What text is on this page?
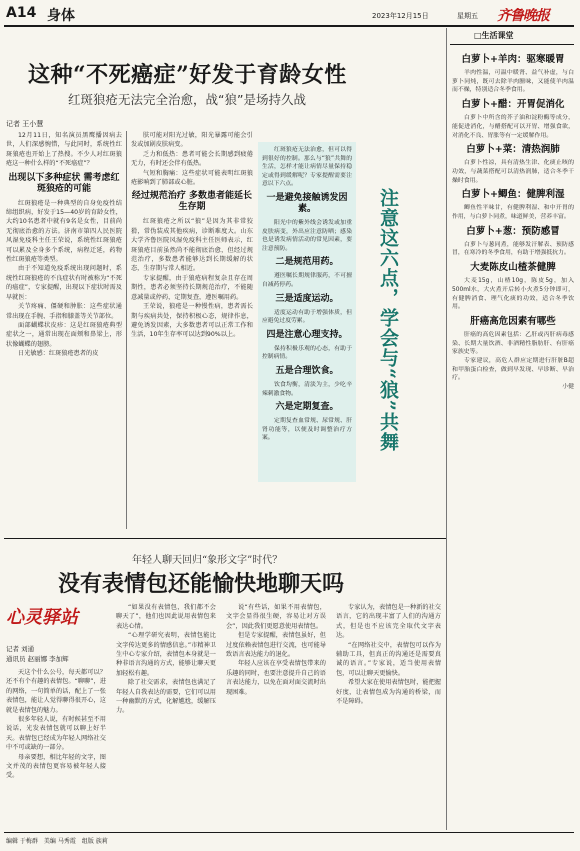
A14 身体	2023年12月15日	星期五 齐鲁晚报
这种“不死癌症”好发于育龄女性
红斑狼疮无法完全治愈，战“狼”是场持久战
记者 王小慧

12月11日，知名演员黑鹰播因病去世，人们深感惋惜，与此同时，系统性红斑狼疮也开始上了热搜。不少人对红斑狼疮这一种什么样的“不死癌症”？

出现以下多种症状 需考虑红斑狼疮的可能

红斑狼疮是一种典型的自身免疫性结缔组织病，好发于15—40岁的育龄女性，大约10名患者中就有9名是女性，目前尚无彻底治愈的方法。济南市第四人民医院风湿免疫科主任王荣说，系统性红斑狼疮可以累及全身多个系统，病程迁延，药物性红斑狼疮等类型。

由于不知道免疫系统出现问题时，系统性红斑狼疮的不良症状有时被称为“不死的癌症”，专家提醒，出现以下症状时需及早就医：

关节疼痛、僵硬和肿胀：这些症状通常出现在手腕、手指和膝盖等关节部位。

面部蝴蝶状皮疹：这是红斑狼疮典型症状之一，通常出现在面颊和鼻梁上，形状像蝴蝶的翅膀。

日光敏感：红斑狼疮患者的皮

肤可能对阳光过敏，阳光暴露可能会引发或加剧皮肤病变。

乏力和低热：患者可能会长期感到疲倦无力，有时还会伴有低热。

气短和胸痛：这些症状可能表明红斑狼疮影响到了肺部或心脏。

经过规范治疗 多数患者能延长生存期

红斑狼疮之所以“狼”是因为其非常狡猾，常伪装成其他疾病，诊断难度大。山东大学齐鲁医院风湿免疫科主任医师表示，红斑狼疮目前虽然尚不能彻底治愈，但经过规范治疗，多数患者能够达到长期缓解的状态，生存期与常人相近。

专家提醒，由于狼疮病程复杂且存在周期性，患者必须坚持长期规范治疗，不能随意减量或停药，定期复查，遵医嘱用药。

王荣说，狼疮是一种慢性病，患者需长期与疾病共处，保持积极心态，规律作息，避免诱发因素，大多数患者可以正常工作和生活，10年生存率可以达到90%以上。

红斑狼疮无法治愈，但可以得到很好的控制。那么与“狼”共舞的生活，怎样才能让病情尽量保持稳定或得到缓解呢？专家提醒需要注意以下六点。

一是避免接触诱发因素。

阳光中的紫外线会诱发或加重皮肤病变，外出应注意防晒；感染也是诱发病情活动的常见因素，要注意预防。

二是规范用药。

遵医嘱长期规律服药，不可擅自减药停药。

三是适度运动。

适度运动有助于增强体质，但应避免过度劳累。

四是注意心理支持。

保持积极乐观的心态，有助于控制病情。

五是合理饮食。

饮食均衡，清淡为主，少吃辛辣刺激食物。

六是定期复查。

定期复查血常规、尿常规、肝肾功能等，以便及时调整治疗方案。	注意这六点，学会与“狼”共舞
□生活课堂
白萝卜+羊肉：驱寒暖胃

羊肉性温，可温中暖肾、益气补虚，与白萝卜同炖，既可去除羊肉膻味，又能使羊肉温而不燥，特别适合冬季食用。

白萝卜+醋：开胃促消化

白萝卜中所含的芥子油和淀粉酶等成分，能促进消化，与醋搭配可以开胃、增强食欲，对消化不良、胃胀等有一定缓解作用。

白萝卜+菜：清热润肺

白萝卜性凉，具有清热生津、化痰止咳的功效，与蔬菜搭配可以清热润肺，适合冬季干燥时食用。

白萝卜+鲫鱼：健脾利湿

鲫鱼性平味甘，有健脾利湿、和中开胃的作用，与白萝卜同煮，味道鲜美，营养丰富。

白萝卜+葱：预防感冒

白萝卜与葱同煮，能够发汗解表、预防感冒，在寒冷的冬季食用，有助于增强抵抗力。

大麦陈皮山楂茶健脾

大麦15g，山楂10g，陈皮5g，加入500ml水，大火煮开后转小火煮5分钟即可，有健脾消食、理气化痰的功效，适合冬季饮用。

肝癌高危因素有哪些

肝癌的高危因素包括：乙肝或丙肝病毒感染、长期大量饮酒、非酒精性脂肪肝、有肝癌家族史等。

专家建议，高危人群应定期进行肝脏B超和甲胎蛋白检查，做到早发现、早诊断、早治疗。

小健

年轻人聊天回归“象形文字”时代？
没有表情包还能愉快地聊天吗
心灵驿站
记者 刘通
通讯员 赵丽娜 李加辉

天这个什么公号，每天都可以？还不有个有趣的表情包。“聊聊”，进的网络，一句简单的话，配上了一张表情包，能让人觉得聊得很开心，这就是表情包的魅力。

很多年轻人说，有时候甚至不用说话，光发表情包就可以聊上好半天。表情包已经成为年轻人网络社交中不可或缺的一部分。

母亲要想，相比年轻的文字，图文并茂的表情包更容易被年轻人接受。

“如果没有表情包，我们都不会聊天了”，他们也因此说用表情包来表达心情。

“心理学研究表明，表情包能比文字传达更多的情感信息。”市精神卫生中心专家介绍，表情包本身就是一种非语言沟通的方式，能够让聊天更加轻松有趣。

除了社交需求，表情包也满足了年轻人自我表达的需要，它们可以用一种幽默的方式，化解尴尬，缓解压力。

说“有些话，如果不用表情包，文字会显得很生硬，容易让对方误会”，因此我们更愿意使用表情包。

但是专家提醒，表情包虽好，但过度依赖表情包进行交流，也可能导致语言表达能力的退化。

年轻人应该在享受表情包带来的乐趣的同时，也要注意提升自己的语言表达能力，以免在面对面交流时出现困难。

专家认为，表情包是一种新的社交语言，它的出现丰富了人们的沟通方式，但是也不应该完全取代文字表达。

“在网络社交中，表情包可以作为辅助工具，但真正的沟通还是需要真诚的语言。”专家说，适当使用表情包，可以让聊天更愉快。

希望大家在使用表情包时，能把握好度，让表情包成为沟通的桥梁，而不是障碍。

编辑 于梅群　美编 马秀霞　组版 族莉
